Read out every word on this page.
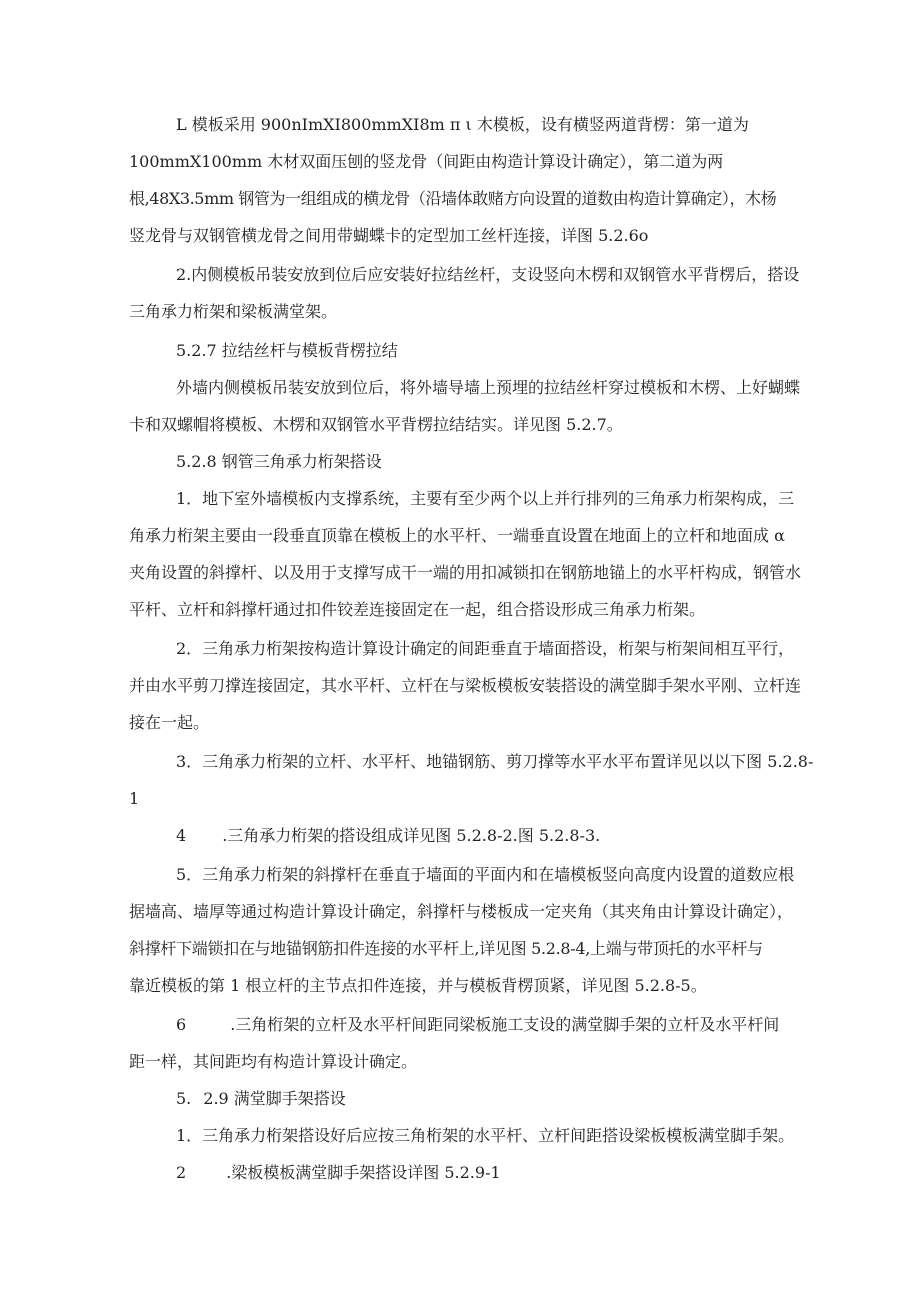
L 模板采用 900nImXI800mmXI8m π ι 木模板，设有横竖两道背楞：第一道为
100mmX100mm 木材双面压刨的竖龙骨（间距由构造计算设计确定），第二道为两
根,48X3.5mm 钢管为一组组成的横龙骨（沿墙体敢赌方向设置的道数由构造计算确定），木杨
竖龙骨与双钢管横龙骨之间用带蝴蝶卡的定型加工丝杆连接，详图 5.2.6o
2.内侧模板吊装安放到位后应安装好拉结丝杆，支设竖向木楞和双钢管水平背楞后，搭设
三角承力桁架和梁板满堂架。
5.2.7 拉结丝杆与模板背楞拉结
外墙内侧模板吊装安放到位后，将外墙导墙上预埋的拉结丝杆穿过模板和木楞、上好蝴蝶
卡和双螺帽将模板、木楞和双钢管水平背楞拉结结实。详见图 5.2.7。
5.2.8 钢管三角承力桁架搭设
1．地下室外墙模板内支撑系统，主要有至少两个以上并行排列的三角承力桁架构成，三
角承力桁架主要由一段垂直顶靠在模板上的水平杆、一端垂直设置在地面上的立杆和地面成 α
夹角设置的斜撑杆、以及用于支撑写成干一端的用扣减锁扣在钢筋地锚上的水平杆构成，钢管水
平杆、立杆和斜撑杆通过扣件铰差连接固定在一起，组合搭设形成三角承力桁架。
2．三角承力桁架按构造计算设计确定的间距垂直于墙面搭设，桁架与桁架间相互平行，
并由水平剪刀撑连接固定，其水平杆、立杆在与梁板模板安装搭设的满堂脚手架水平刚、立杆连
接在一起。
3．三角承力桁架的立杆、水平杆、地锚钢筋、剪刀撑等水平水平布置详见以以下图 5.2.8-
1
4 .三角承力桁架的搭设组成详见图 5.2.8-2.图 5.2.8-3.
5．三角承力桁架的斜撑杆在垂直于墙面的平面内和在墙模板竖向高度内设置的道数应根
据墙高、墙厚等通过构造计算设计确定，斜撑杆与楼板成一定夹角（其夹角由计算设计确定），
斜撑杆下端锁扣在与地锚钢筋扣件连接的水平杆上,详见图 5.2.8-4,上端与带顶托的水平杆与
靠近模板的第 1 根立杆的主节点扣件连接，并与模板背楞顶紧，详见图 5.2.8-5。
6	.三角桁架的立杆及水平杆间距同梁板施工支设的满堂脚手架的立杆及水平杆间
距一样，其间距均有构造计算设计确定。
5. 2.9 满堂脚手架搭设
1．三角承力桁架搭设好后应按三角桁架的水平杆、立杆间距搭设梁板模板满堂脚手架。
2	.梁板模板满堂脚手架搭设详图 5.2.9-1
